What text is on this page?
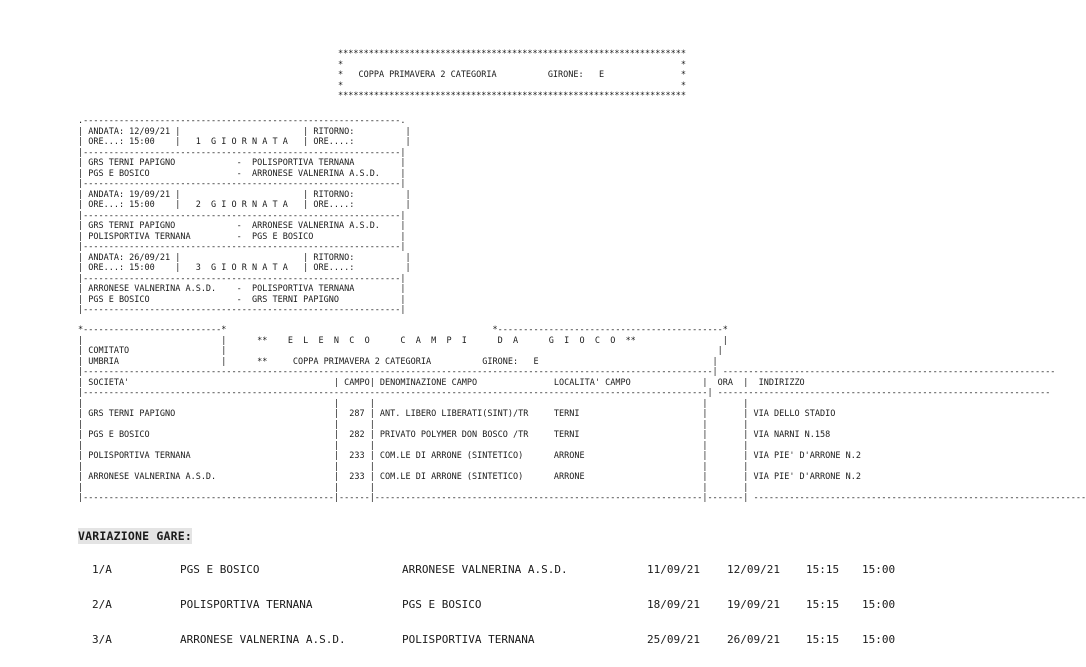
********************************************************************
*                                                                  *
*   COPPA PRIMAVERA 2 CATEGORIA          GIRONE:   E               *
*                                                                  *
********************************************************************
.--------------------------------------------------------------.
| ANDATA: 12/09/21 |                        | RITORNO:          |
| ORE...: 15:00    |   1  G I O R N A T A   | ORE....:          |
|--------------------------------------------------------------|
| GRS TERNI PAPIGNO            -  POLISPORTIVA TERNANA         |
| PGS E BOSICO                 -  ARRONESE VALNERINA A.S.D.    |
|--------------------------------------------------------------|
| ANDATA: 19/09/21 |                        | RITORNO:          |
| ORE...: 15:00    |   2  G I O R N A T A   | ORE....:          |
|--------------------------------------------------------------|
| GRS TERNI PAPIGNO            -  ARRONESE VALNERINA A.S.D.    |
| POLISPORTIVA TERNANA         -  PGS E BOSICO                 |
|--------------------------------------------------------------|
| ANDATA: 26/09/21 |                        | RITORNO:          |
| ORE...: 15:00    |   3  G I O R N A T A   | ORE....:          |
|--------------------------------------------------------------|
| ARRONESE VALNERINA A.S.D.    -  POLISPORTIVA TERNANA         |
| PGS E BOSICO                 -  GRS TERNI PAPIGNO            |
|--------------------------------------------------------------|
*---------------------------*                                                    *--------------------------------------------*
|                           |      **    E  L  E  N  C  O      C  A  M  P  I      D  A      G  I  O  C  O  **                 |
| COMITATO                  |                                                                                                |
| UMBRIA                    |      **     COPPA PRIMAVERA 2 CATEGORIA          GIRONE:   E                                  |
|---------------------------------------------------------------------------------------------------------------------------| -----------------------------------------------------------------
| SOCIETA'                                        | CAMPO| DENOMINAZIONE CAMPO               LOCALITA' CAMPO              |  ORA  |  INDIRIZZO
|--------------------------------------------------------------------------------------------------------------------------| -----------------------------------------------------------------
|                                                 |      |                                                                |       |
| GRS TERNI PAPIGNO                               |  287 | ANT. LIBERO LIBERATI(SINT)/TR     TERNI                        |       | VIA DELLO STADIO
|                                                 |      |                                                                |       |
| PGS E BOSICO                                    |  282 | PRIVATO POLYMER DON BOSCO /TR     TERNI                        |       | VIA NARNI N.158
|                                                 |      |                                                                |       |
| POLISPORTIVA TERNANA                            |  233 | COM.LE DI ARRONE (SINTETICO)      ARRONE                       |       | VIA PIE' D'ARRONE N.2
|                                                 |      |                                                                |       |
| ARRONESE VALNERINA A.S.D.                       |  233 | COM.LE DI ARRONE (SINTETICO)      ARRONE                       |       | VIA PIE' D'ARRONE N.2
|                                                 |      |                                                                |       |
|-------------------------------------------------|------|----------------------------------------------------------------|-------| -----------------------------------------------------------------
VARIAZIONE GARE:
1/A	PGS E BOSICO	ARRONESE VALNERINA A.S.D.	11/09/21 12/09/21 15:15 15:00
2/A	POLISPORTIVA TERNANA	PGS E BOSICO	18/09/21 19/09/21 15:15 15:00
3/A	ARRONESE VALNERINA A.S.D.	POLISPORTIVA TERNANA	25/09/21 26/09/21 15:15 15:00
